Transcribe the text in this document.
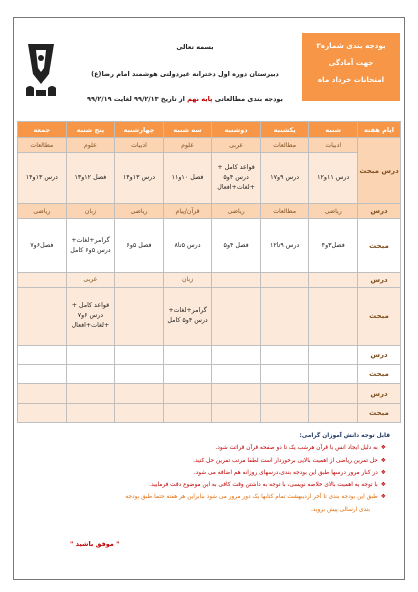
بودجه بندی شماره۳
جهت آمادگی
امتحانات خرداد ماه
بسمه تعالی
دبیرستان دوره اول دخترانه غیردولتی هوشمند امام رضا(ع)
بودجه بندی مطالعاتی پایه نهم از تاریخ ۹۹/۲/۱۳ لغایت ۹۹/۲/۱۹
ایام هفته	شنبه	یکشنبه	دوشنبه	سه شنبه	چهارشنبه	پنج شنبه	جمعه
درس مبحث	ادبیات	مطالعات	عربی	علوم	ادبیات	علوم	مطالعات
	درس ۱۱و۱۲	درس ۹و۱۷	قواعد کامل + درس ۴و۵ +لغات+افعال	فصل ۱۰و۱۱	درس ۱۳و۱۴	فصل ۱۲و۱۳	درس ۱۳و۱۴
درس	ریاضی	مطالعات	ریاضی	قرآن/پیام	ریاضی	زبان	ریاضی
مبحث	فصل۳و۴	درس ۹تا۱۲	فصل ۴و۵	درس ۵تا۸	فصل ۵و۶	گرامر+لغات+ درس ۵و۶ کامل	فصل۶و۷
درس				زبان		عربی	
مبحث				گرامر+لغات+ درس ۴و۵ کامل		قواعد کامل + درس ۶و۷ +لغات+افعال	
درس							
مبحث							
درس							
مبحث							
قابل توجه دانش آموزان گرامی:
❖به دلیل ایجاد انس با قرآن هرشب یک تا دو صفحه قرآن قرائت شود.
❖حل تمرین ریاضی از اهمیت بالایی برخوردار است لطفا مرتب تمرین حل کنید.
❖در کنار مرور درسها طبق این بودجه بندی،درسهای روزانه هم اضافه می شود.
❖با توجه به اهمیت بالای خلاصه نویسی، با توجه به داشتن وقت کافی به این موضوع دقت فرمایید.
❖طبق این بودجه بندی تا آخر اردیبهشت تمام کتابها یک دور مرور می شود بنابراین هر هفته حتما طبق بودجه
بندی ارسالی پیش بروید.
" موفق باشید "
